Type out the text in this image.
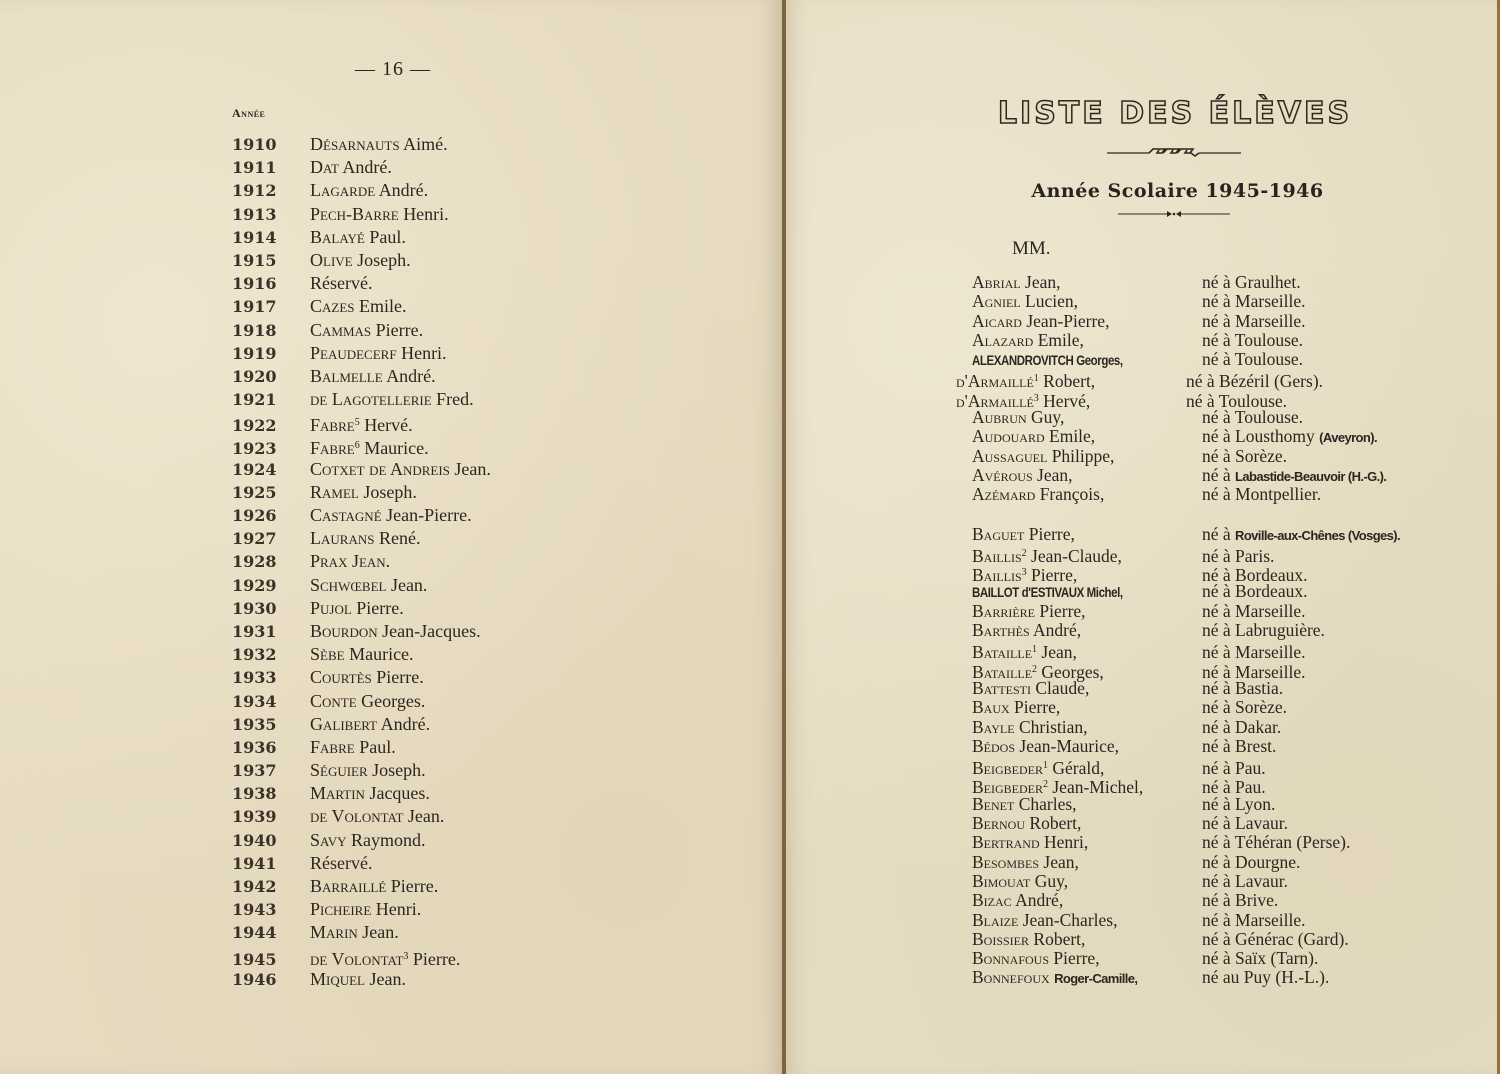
— 16 —
Année
1910	Désarnauts Aimé.
1911	Dat André.
1912	Lagarde André.
1913	Pech-Barre Henri.
1914	Balayé Paul.
1915	Olive Joseph.
1916	Réservé.
1917	Cazes Emile.
1918	Cammas Pierre.
1919	Peaudecerf Henri.
1920	Balmelle André.
1921	de Lagotellerie Fred.
1922	Fabre$^5$ Hervé.
1923	Fabre$^6$ Maurice.
1924	Cotxet de Andreis Jean.
1925	Ramel Joseph.
1926	Castagné Jean-Pierre.
1927	Laurans René.
1928	Prax Jean.
1929	Schwœbel Jean.
1930	Pujol Pierre.
1931	Bourdon Jean-Jacques.
1932	Sèbe Maurice.
1933	Courtès Pierre.
1934	Conte Georges.
1935	Galibert André.
1936	Fabre Paul.
1937	Séguier Joseph.
1938	Martin Jacques.
1939	de Volontat Jean.
1940	Savy Raymond.
1941	Réservé.
1942	Barraillé Pierre.
1943	Picheire Henri.
1944	Marin Jean.
1945	de Volontat$^3$ Pierre.
1946	Miquel Jean.
LISTE DES ÉLÈVES
Année Scolaire 1945-1946
MM.
Abrial Jean,	né à Graulhet.
Agniel Lucien,	né à Marseille.
Aicard Jean-Pierre,	né à Marseille.
Alazard Emile,	né à Toulouse.
ALEXANDROVITCH Georges,	né à Toulouse.
d'Armaillé$^1$ Robert,	né à Bézéril (Gers).
d'Armaillé$^3$ Hervé,	né à Toulouse.
Aubrun Guy,	né à Toulouse.
Audouard Emile,	né à Lousthomy (Aveyron).
Aussaguel Philippe,	né à Sorèze.
Avérous Jean,	né à Labastide-Beauvoir (H.-G.).
Azémard François,	né à Montpellier.
Baguet Pierre,	né à Roville-aux-Chênes (Vosges).
Baillis$^2$ Jean-Claude,	né à Paris.
Baillis$^3$ Pierre,	né à Bordeaux.
BAILLOT d'ESTIVAUX Michel,	né à Bordeaux.
Barrière Pierre,	né à Marseille.
Barthès André,	né à Labruguière.
Bataille$^1$ Jean,	né à Marseille.
Bataille$^2$ Georges,	né à Marseille.
Battesti Claude,	né à Bastia.
Baux Pierre,	né à Sorèze.
Bayle Christian,	né à Dakar.
Bédos Jean-Maurice,	né à Brest.
Beigbeder$^1$ Gérald,	né à Pau.
Beigbeder$^2$ Jean-Michel,	né à Pau.
Benet Charles,	né à Lyon.
Bernou Robert,	né à Lavaur.
Bertrand Henri,	né à Téhéran (Perse).
Besombes Jean,	né à Dourgne.
Bimouat Guy,	né à Lavaur.
Bizac André,	né à Brive.
Blaize Jean-Charles,	né à Marseille.
Boissier Robert,	né à Générac (Gard).
Bonnafous Pierre,	né à Saïx (Tarn).
Bonnefoux Roger-Camille,	né au Puy (H.-L.).
